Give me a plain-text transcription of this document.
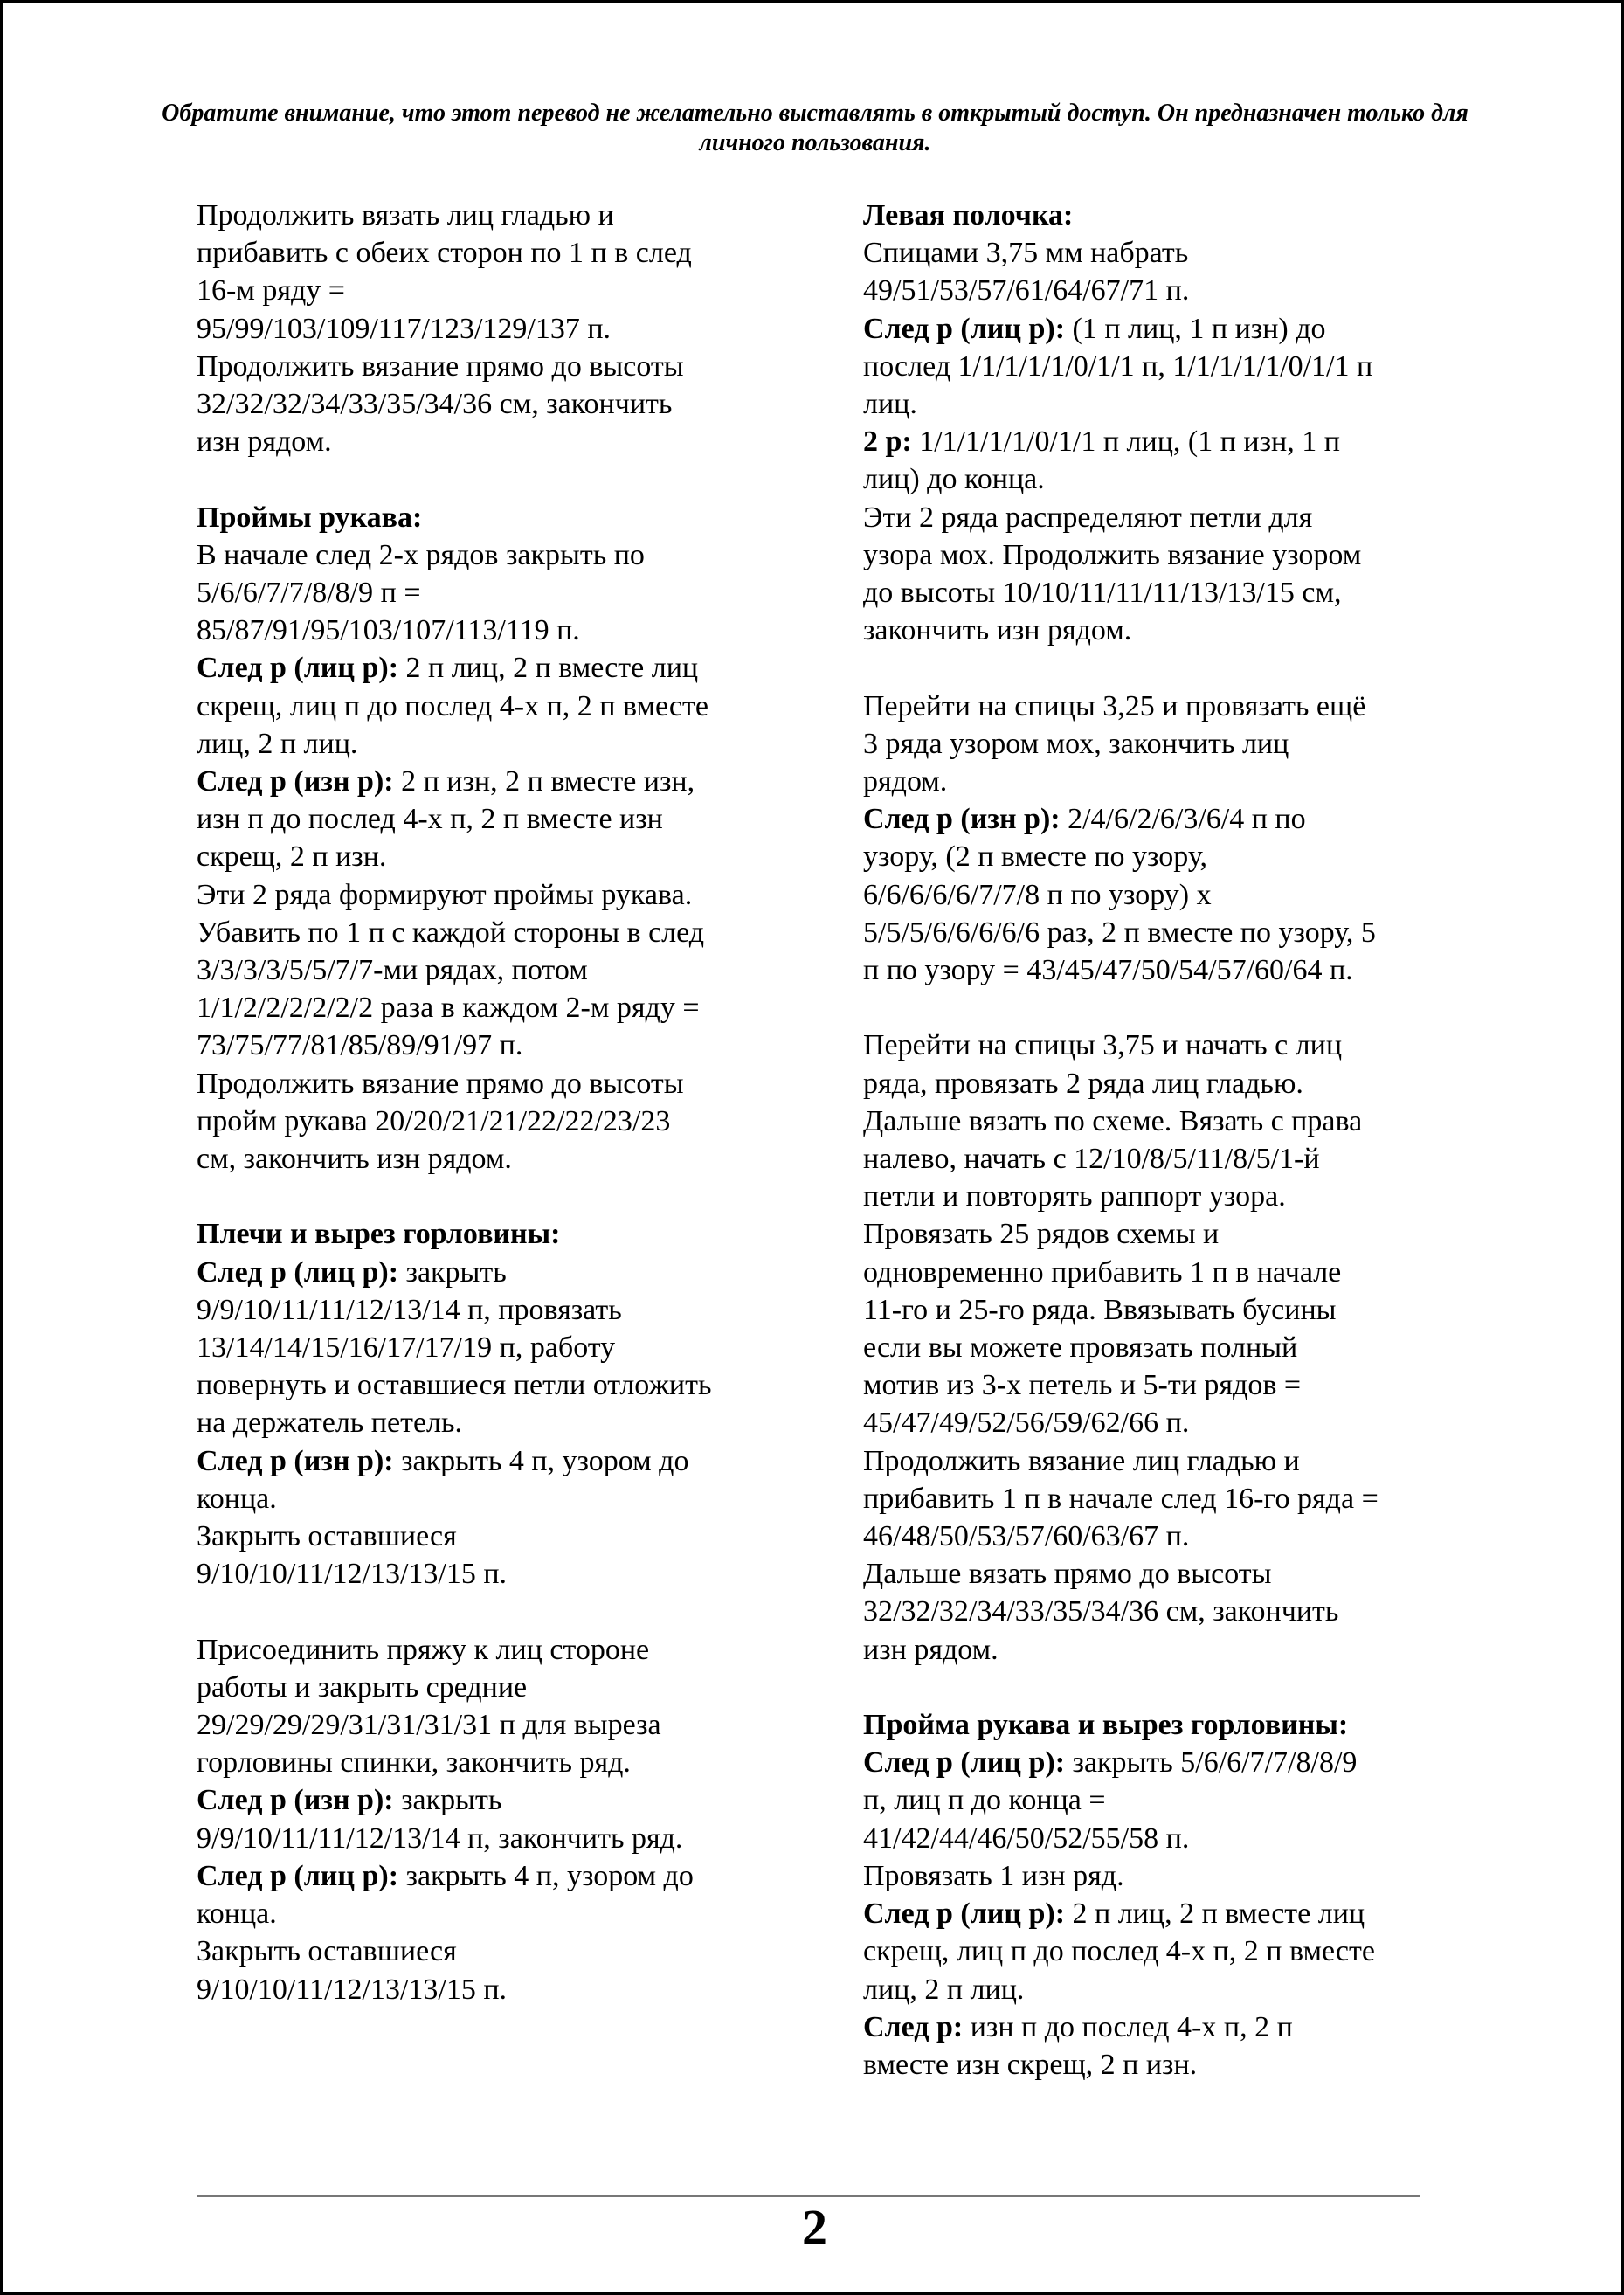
Обратите внимание, что этот перевод не желательно выставлять в открытый доступ. Он предназначен только для личного пользования.

Продолжить вязать лиц гладью и

прибавить с обеих сторон по 1 п в след

16-м ряду =

95/99/103/109/117/123/129/137 п.

Продолжить вязание прямо до высоты

32/32/32/34/33/35/34/36 см, закончить

изн рядом.

Проймы рукава:

В начале след 2-х рядов закрыть по

5/6/6/7/7/8/8/9 п =

85/87/91/95/103/107/113/119 п.

След р (лиц р): 2 п лиц, 2 п вместе лиц

скрещ, лиц п до послед 4-х п, 2 п вместе

лиц, 2 п лиц.

След р (изн р): 2 п изн, 2 п вместе изн,

изн п до послед 4-х п, 2 п вместе изн

скрещ, 2 п изн.

Эти 2 ряда формируют проймы рукава.

Убавить по 1 п с каждой стороны в след

3/3/3/3/5/5/7/7-ми рядах, потом

1/1/2/2/2/2/2/2 раза в каждом 2-м ряду =

73/75/77/81/85/89/91/97 п.

Продолжить вязание прямо до высоты

пройм рукава 20/20/21/21/22/22/23/23

см, закончить изн рядом.

Плечи и вырез горловины:

След р (лиц р): закрыть

9/9/10/11/11/12/13/14 п, провязать

13/14/14/15/16/17/17/19 п, работу

повернуть и оставшиеся петли отложить

на держатель петель.

След р (изн р): закрыть 4 п, узором до

конца.

Закрыть оставшиеся

9/10/10/11/12/13/13/15 п.

Присоединить пряжу к лиц стороне

работы и закрыть средние

29/29/29/29/31/31/31/31 п для выреза

горловины спинки, закончить ряд.

След р (изн р): закрыть

9/9/10/11/11/12/13/14 п, закончить ряд.

След р (лиц р): закрыть 4 п, узором до

конца.

Закрыть оставшиеся

9/10/10/11/12/13/13/15 п.

Левая полочка:

Спицами 3,75 мм набрать

49/51/53/57/61/64/67/71 п.

След р (лиц р): (1 п лиц, 1 п изн) до

послед 1/1/1/1/1/0/1/1 п, 1/1/1/1/1/0/1/1 п

лиц.

2 р: 1/1/1/1/1/0/1/1 п лиц, (1 п изн, 1 п

лиц) до конца.

Эти 2 ряда распределяют петли для

узора мох. Продолжить вязание узором

до высоты 10/10/11/11/11/13/13/15 см,

закончить изн рядом.

Перейти на спицы 3,25 и провязать ещё

3 ряда узором мох, закончить лиц

рядом.

След р (изн р): 2/4/6/2/6/3/6/4 п по

узору, (2 п вместе по узору,

6/6/6/6/6/7/7/8 п по узору) х

5/5/5/6/6/6/6/6 раз, 2 п вместе по узору, 5

п по узору = 43/45/47/50/54/57/60/64 п.

Перейти на спицы 3,75 и начать с лиц

ряда, провязать 2 ряда лиц гладью.

Дальше вязать по схеме. Вязать с права

налево, начать с 12/10/8/5/11/8/5/1-й

петли и повторять раппорт узора.

Провязать 25 рядов схемы и

одновременно прибавить 1 п в начале

11-го и 25-го ряда. Ввязывать бусины

если вы можете провязать полный

мотив из 3-х петель и 5-ти рядов =

45/47/49/52/56/59/62/66 п.

Продолжить вязание лиц гладью и

прибавить 1 п в начале след 16-го ряда =

46/48/50/53/57/60/63/67 п.

Дальше вязать прямо до высоты

32/32/32/34/33/35/34/36 см, закончить

изн рядом.

Пройма рукава и вырез горловины:

След р (лиц р): закрыть 5/6/6/7/7/8/8/9

п, лиц п до конца =

41/42/44/46/50/52/55/58 п.

Провязать 1 изн ряд.

След р (лиц р): 2 п лиц, 2 п вместе лиц

скрещ, лиц п до послед 4-х п, 2 п вместе

лиц, 2 п лиц.

След р: изн п до послед 4-х п, 2 п

вместе изн скрещ, 2 п изн.

2
